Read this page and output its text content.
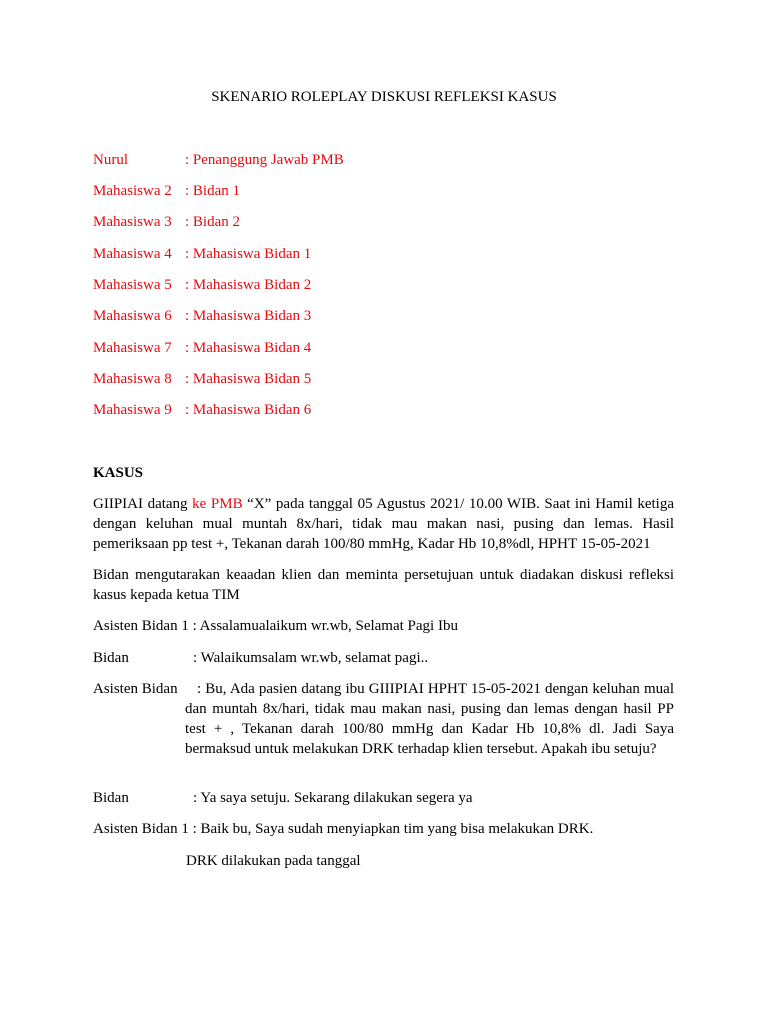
SKENARIO ROLEPLAY DISKUSI REFLEKSI KASUS
Nurul	: Penanggung Jawab PMB
Mahasiswa 2 : Bidan 1
Mahasiswa 3 : Bidan 2
Mahasiswa 4 : Mahasiswa Bidan 1
Mahasiswa 5 : Mahasiswa Bidan 2
Mahasiswa 6 : Mahasiswa Bidan 3
Mahasiswa 7 : Mahasiswa Bidan 4
Mahasiswa 8 : Mahasiswa Bidan 5
Mahasiswa 9 : Mahasiswa Bidan 6
KASUS
GIIPIAI datang ke PMB “X” pada tanggal 05 Agustus 2021/ 10.00 WIB. Saat ini Hamil ketiga dengan keluhan mual muntah 8x/hari, tidak mau makan nasi, pusing dan lemas. Hasil pemeriksaan pp test +, Tekanan darah 100/80 mmHg, Kadar Hb 10,8%dl, HPHT 15-05-2021
Bidan mengutarakan keaadan klien dan meminta persetujuan untuk diadakan diskusi refleksi kasus kepada ketua TIM
Asisten Bidan 1 : Assalamualaikum wr.wb, Selamat Pagi Ibu
Bidan	: Walaikumsalam wr.wb, selamat pagi..
Asisten Bidan	: Bu, Ada pasien datang ibu GIIIPIAI HPHT 15-05-2021 dengan keluhan mual dan muntah 8x/hari, tidak mau makan nasi, pusing dan lemas dengan hasil PP test + , Tekanan darah 100/80 mmHg dan Kadar Hb 10,8% dl. Jadi Saya bermaksud untuk melakukan DRK terhadap klien tersebut. Apakah ibu setuju?
Bidan	: Ya saya setuju. Sekarang dilakukan segera ya
Asisten Bidan 1 : Baik bu, Saya sudah menyiapkan tim yang bisa melakukan DRK.
DRK dilakukan pada tanggal
